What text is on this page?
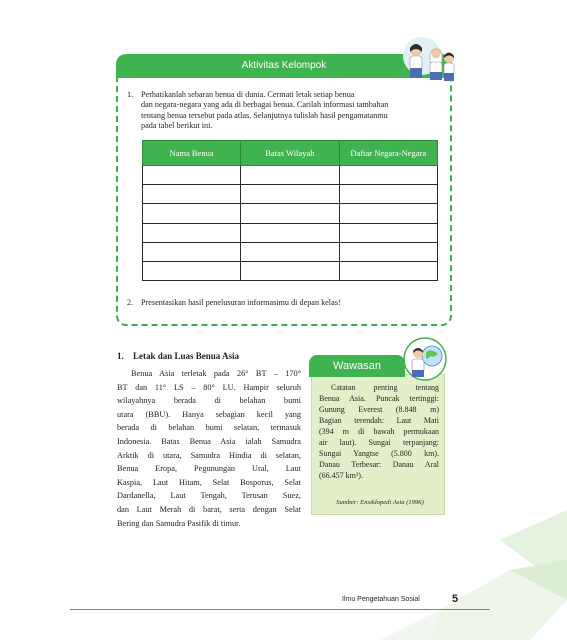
Aktivitas Kelompok
1. Perhatikanlah sebaran benua di dunia. Cermati letak setiap benua
dan negara-negara yang ada di berbagai benua. Carilah informasi tambahan
tentang benua tersebut pada atlas. Selanjutnya tulislah hasil pengamatanmu
pada tabel berikut ini.
Nama Benua	Batas Wilayah	Daftar Negara-Negara

2. Presentasikan hasil penelusuran informasimu di depan kelas!
1. Letak dan Luas Benua Asia
Benua Asia terletak pada 26° BT – 170°
BT dan 11° LS – 80° LU. Hampir seluruh
wilayahnya berada di belahan bumi
utara (BBU). Hanya sebagian kecil yang
berada di belahan bumi selatan, termasuk
Indonesia. Batas Benua Asia ialah Samudra
Arktik di utara, Samudra Hindia di selatan,
Benua Eropa, Pegunungan Ural, Laut
Kaspia, Laut Hitam, Selat Bosporus, Selat
Dardanella, Laut Tengah, Terusan Suez,
dan Laut Merah di barat, serta dengan Selat
Bering dan Samudra Pasifik di timur.
Wawasan
Catatan penting tentang
Benua Asia. Puncak tertinggi:
Gunung Everest (8.848 m)
Bagian terendah: Laut Mati
(394 m di bawah permukaan
air laut). Sungai terpanjang:
Sungai Yangtse (5.800 km).
Danau Terbesar: Danau Aral
(66.457 km²).
Sumber: Ensiklopedi Asia (1996)
Ilmu Pengetahuan Sosial	5
